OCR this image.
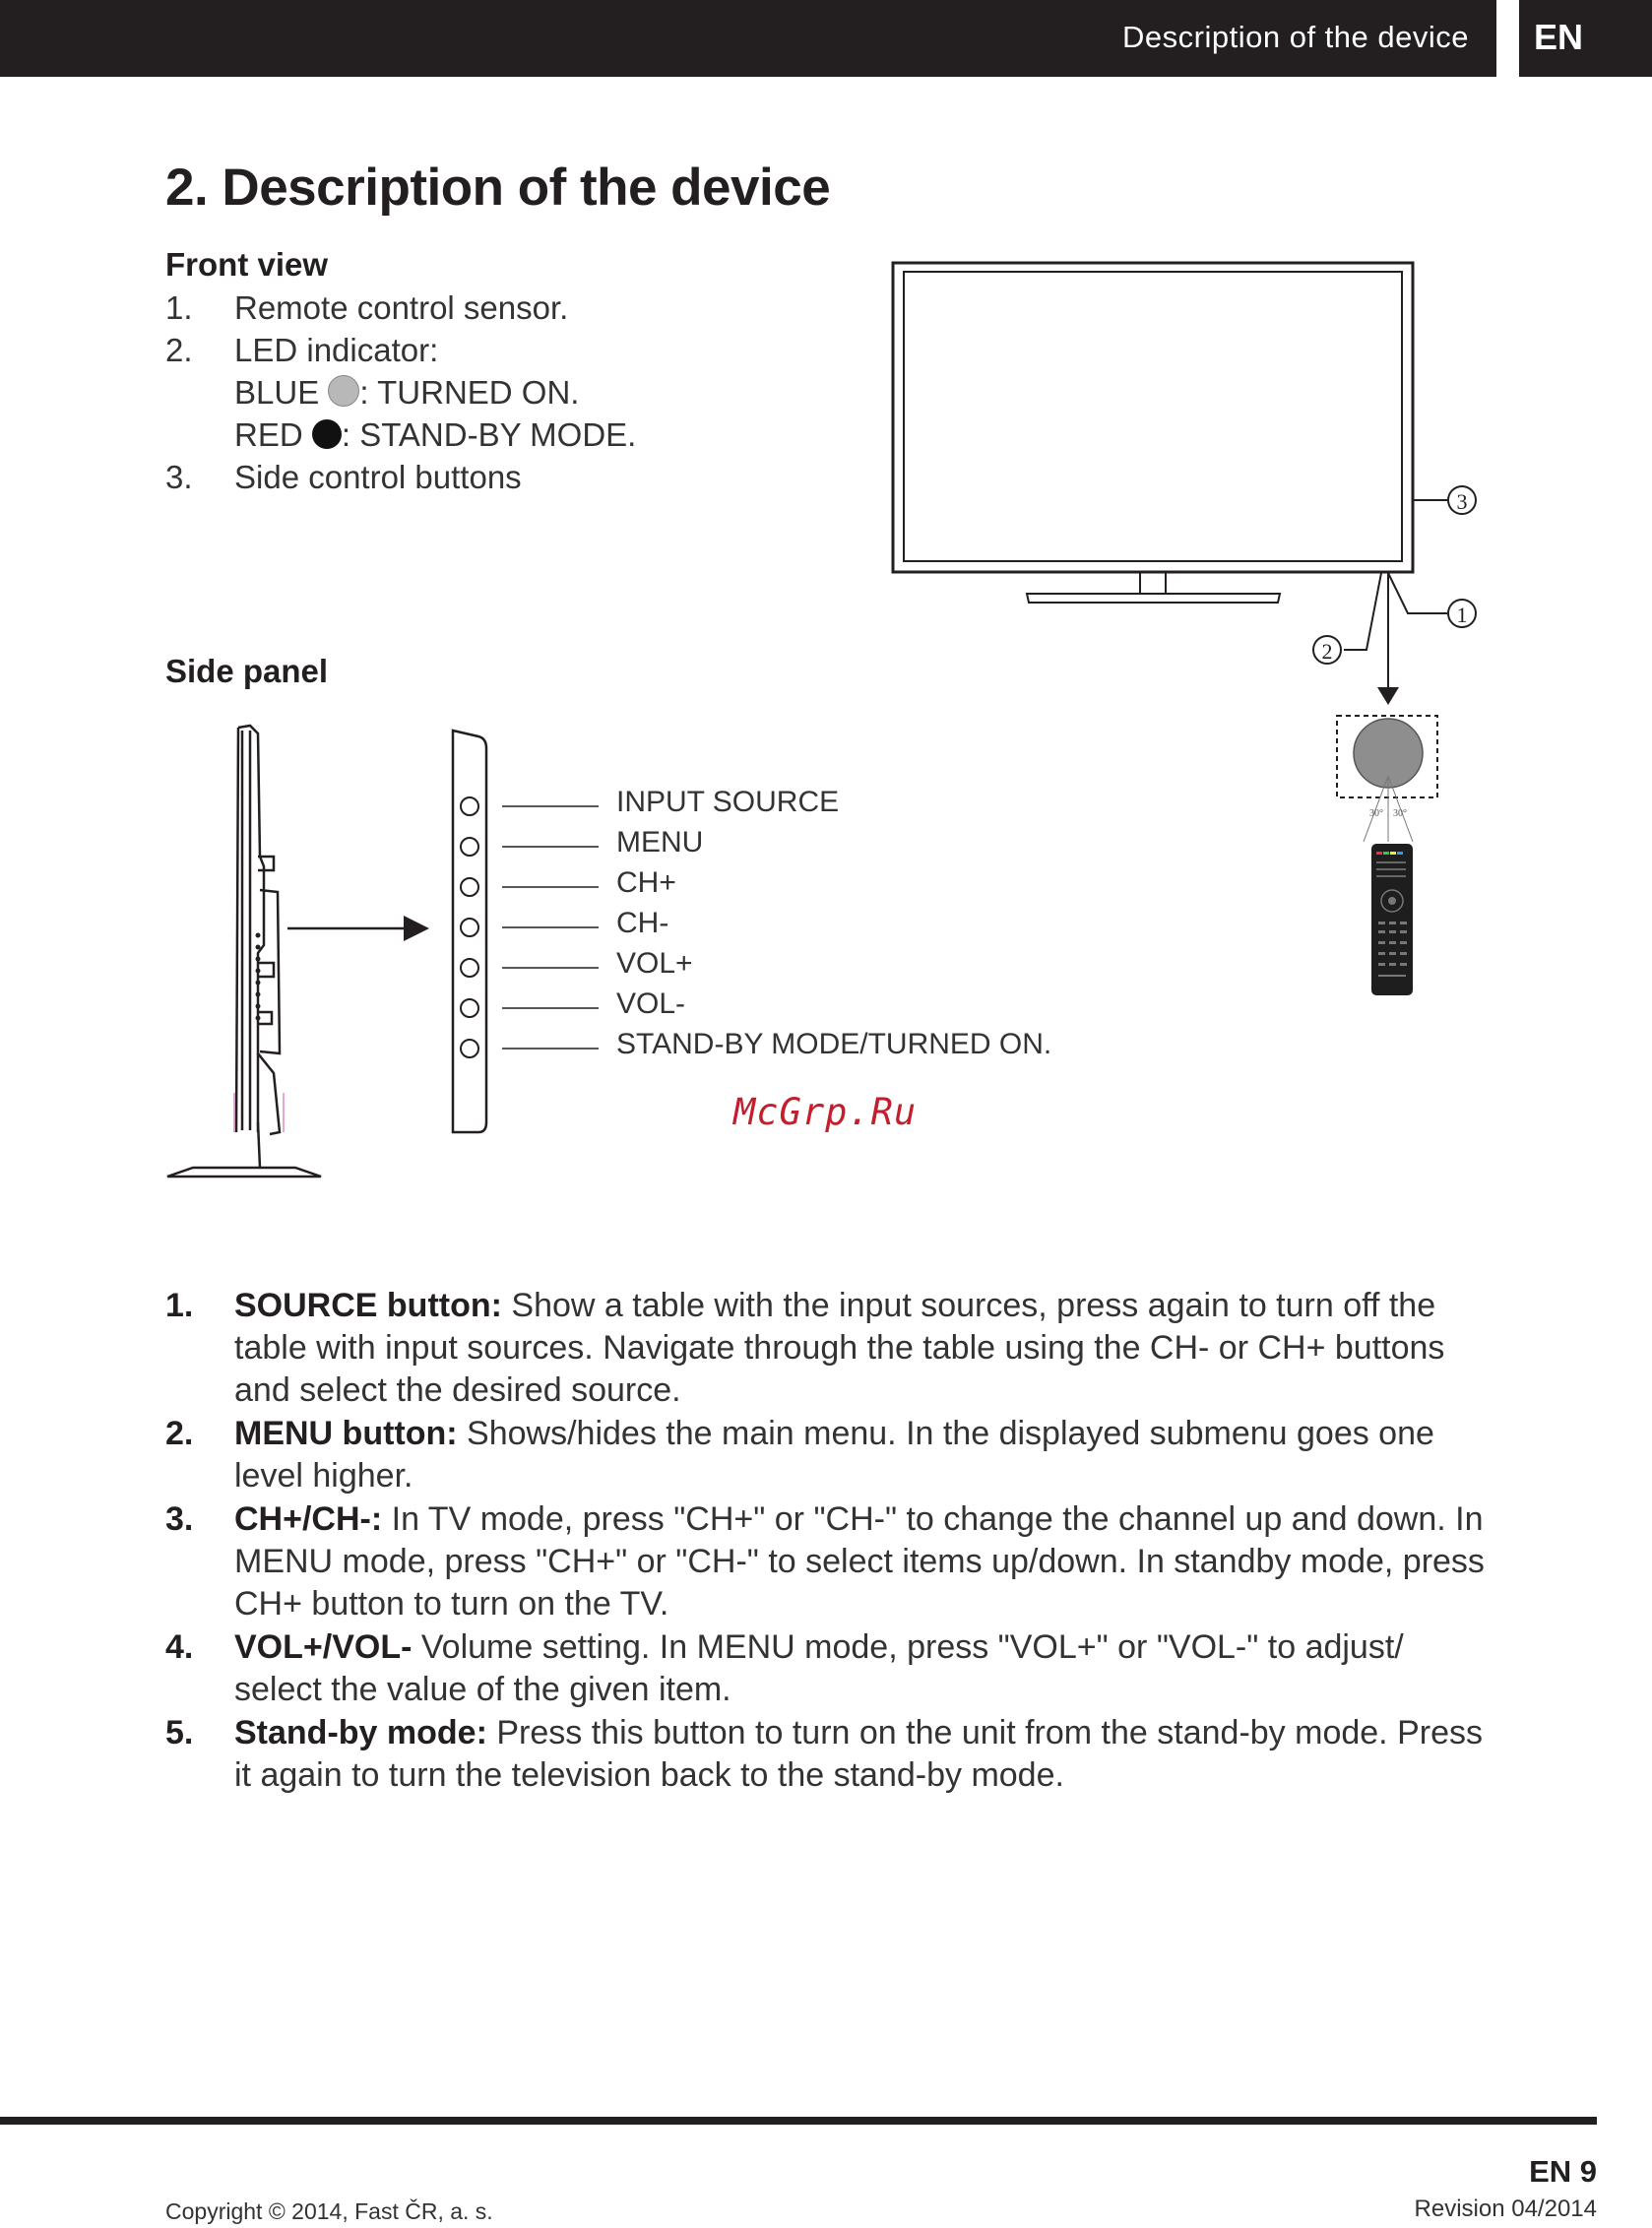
Description of the device EN
2. Description of the device
Front view
1. Remote control sensor.
2. LED indicator:
BLUE : TURNED ON.
RED : STAND-BY MODE.
3. Side control buttons
3
1
2
30° 30°
Side panel
INPUT SOURCE
MENU
CH+
CH-
VOL+
VOL-
STAND-BY MODE/TURNED ON.
McGrp.Ru
1. SOURCE button: Show a table with the input sources, press again to turn off the table with input sources. Navigate through the table using the CH- or CH+ buttons and select the desired source.
2. MENU button: Shows/hides the main menu. In the displayed submenu goes one level higher.
3. CH+/CH-: In TV mode, press "CH+" or "CH-" to change the channel up and down. In MENU mode, press "CH+" or "CH-" to select items up/down. In standby mode, press CH+ button to turn on the TV.
4. VOL+/VOL- Volume setting. In MENU mode, press "VOL+" or "VOL-" to adjust/ select the value of the given item.
5. Stand-by mode: Press this button to turn on the unit from the stand-by mode. Press it again to turn the television back to the stand-by mode.
EN 9
Copyright © 2014, Fast ČR, a. s.	Revision 04/2014
